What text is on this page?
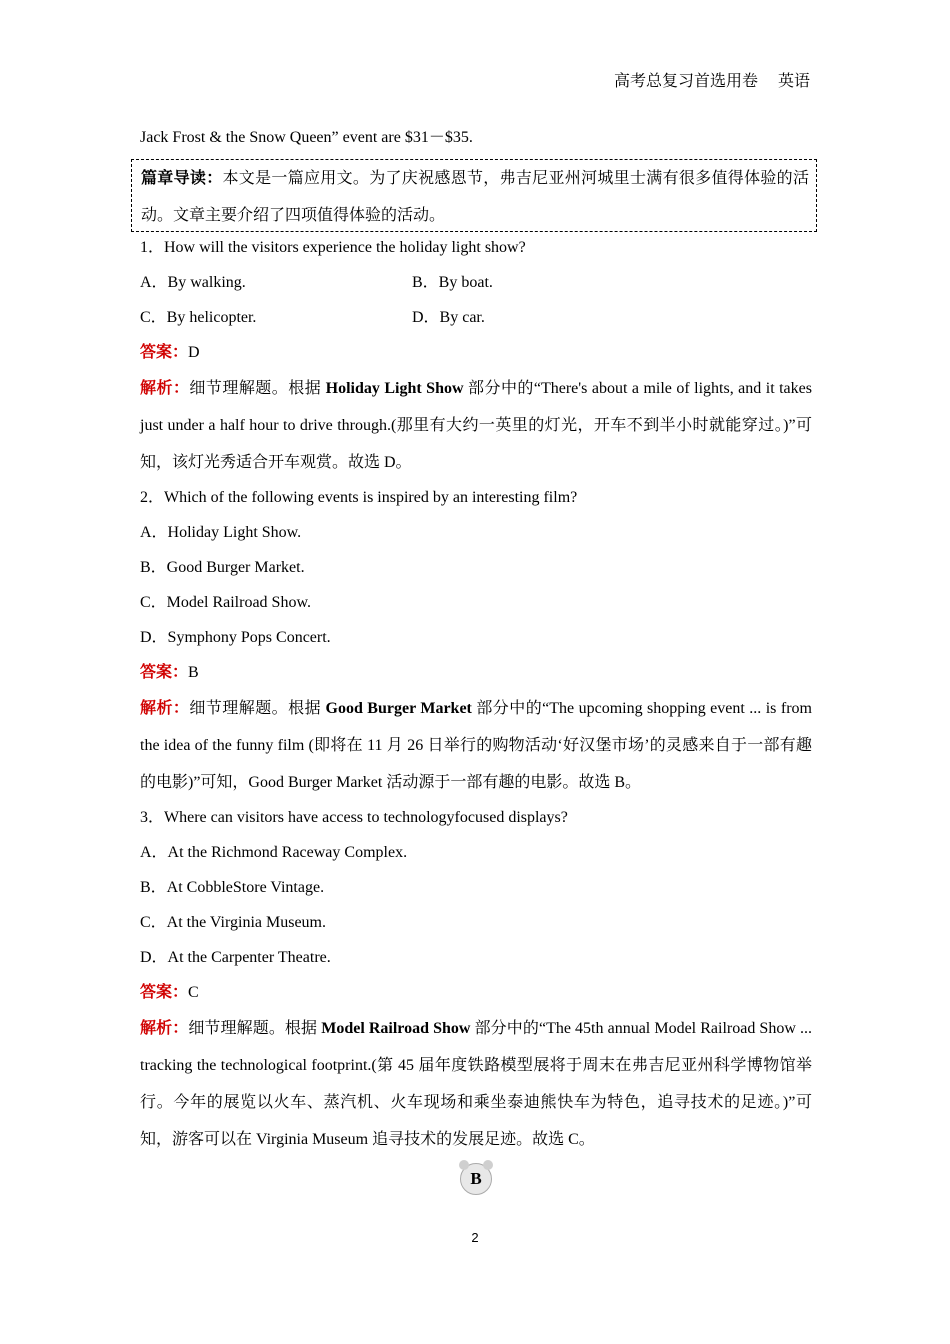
高考总复习首选用卷 英语
Jack Frost & the Snow Queen” event are $31－$35.
篇章导读：本文是一篇应用文。为了庆祝感恩节，弗吉尼亚州河城里士满有很多值得体验的活动。文章主要介绍了四项值得体验的活动。
1．How will the visitors experience the holiday light show?
A．By walking.	B．By boat.
C．By helicopter.	D．By car.
答案：D
解析：细节理解题。根据 Holiday Light Show 部分中的“There's about a mile of lights, and it takes just under a half hour to drive through.(那里有大约一英里的灯光，开车不到半小时就能穿过。)”可知，该灯光秀适合开车观赏。故选 D。
2．Which of the following events is inspired by an interesting film?
A．Holiday Light Show.
B．Good Burger Market.
C．Model Railroad Show.
D．Symphony Pops Concert.
答案：B
解析：细节理解题。根据 Good Burger Market 部分中的“The upcoming shopping event ... is from the idea of the funny film (即将在 11 月 26 日举行的购物活动‘好汉堡市场’的灵感来自于一部有趣的电影)”可知，Good Burger Market 活动源于一部有趣的电影。故选 B。
3．Where can visitors have access to technologyfocused displays?
A．At the Richmond Raceway Complex.
B．At CobbleStore Vintage.
C．At the Virginia Museum.
D．At the Carpenter Theatre.
答案：C
解析：细节理解题。根据 Model Railroad Show 部分中的“The 45th annual Model Railroad Show ... tracking the technological footprint.(第 45 届年度铁路模型展将于周末在弗吉尼亚州科学博物馆举行。今年的展览以火车、蒸汽机、火车现场和乘坐泰迪熊快车为特色，追寻技术的足迹。)”可知，游客可以在 Virginia Museum 追寻技术的发展足迹。故选 C。
B
2
